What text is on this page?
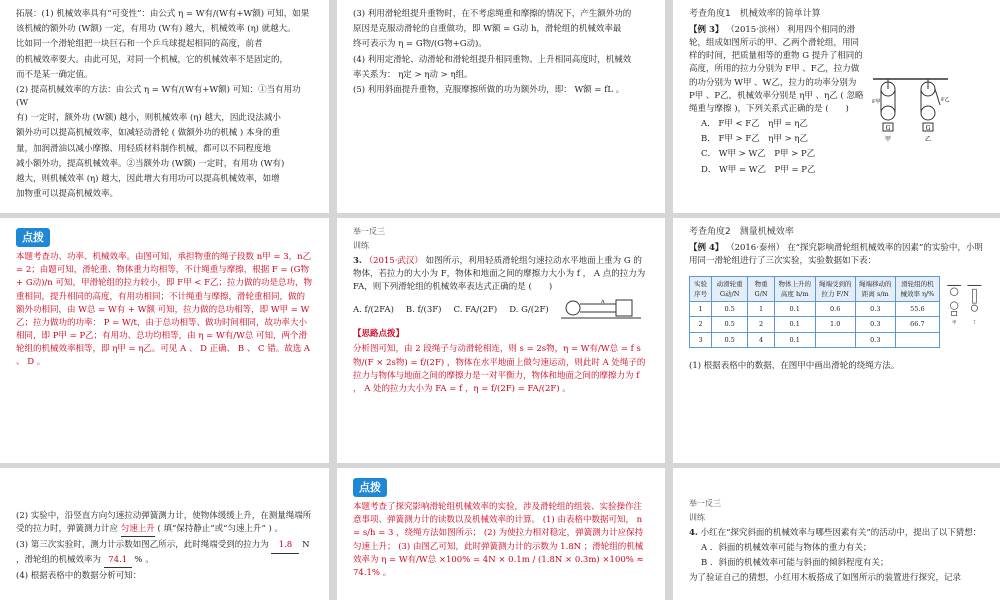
拓展：(1) 机械效率具有“可变性”：由公式 η = W有/(W有+W额) 可知，如果

该机械的额外功 (W额) 一定，有用功 (W有) 越大，机械效率 (η) 就越大。

比如同一个滑轮组把一块巨石和一个乒乓球提起相同的高度，前者

的机械效率要大。由此可见，对同一个机械，它的机械效率不是固定的，

而不是某一确定值。

(2) 提高机械效率的方法：由公式 η = W有/(W有+W额) 可知：①当有用功 (W

有) 一定时，额外功 (W额) 越小，则机械效率 (η) 越大，因此设法减小

额外功可以提高机械效率，如减轻动滑轮 ( 做额外功的机械 ) 本身的重

量，加润滑油以减小摩擦、用轻质材料制作机械，都可以不同程度地

减小额外功，提高机械效率。②当额外功 (W额) 一定时，有用功 (W有)

越大，则机械效率 (η) 越大，因此增大有用功可以提高机械效率，如增

加物重可以提高机械效率。

(3) 利用滑轮组提升重物时，在不考虑绳重和摩擦的情况下，产生额外功的

原因是克服动滑轮的自重做功，即 W额 = G动 h，滑轮组的机械效率最

终可表示为 η = G物/(G物+G动)。

(4) 利用定滑轮、动滑轮和滑轮组提升相同重物、上升相同高度时，机械效

率关系为： η定 > η动 > η组。

(5) 利用斜面提升重物，克服摩擦所做的功为额外功，即： W额 = fL 。

考查角度1　机械效率的简单计算

【例 3】 （2015·滨州） 利用四个相同的滑轮，组成如图所示的甲、乙两个滑轮组，用同样的时间，把质量相等的重物 G 提升了相同的高度，所用的拉力分别为 F甲 、F乙，拉力做的功分别为 W甲 、W乙，拉力的功率分别为 P甲 、P乙，机械效率分别是 η甲 、η乙 ( 忽略绳重与摩擦 )，下列关系式正确的是 (　　)

A． F甲 < F乙　η甲 = η乙

B． F甲 > F乙　η甲 > η乙

C． W甲 > W乙　P甲 > P乙

D． W甲 = W乙　P甲 = P乙

G
甲
G
乙
F甲	F乙
点拨

本题考查功、功率、机械效率。由图可知，承担物重的绳子段数 n甲 = 3，n乙 = 2；由题可知，滑轮重、物体重力均相等，不计绳重与摩擦，根据 F = (G物 + G动)/n 可知，甲滑轮组的拉力较小，即 F甲 < F乙；拉力做的功是总功，物重相同，提升相同的高度，有用功相同；不计绳重与摩擦，滑轮重相同，做的额外功相同，由 W总 = W有 + W额 可知，拉力做的总功相等，即 W甲 = W乙；拉力做功的功率： P = W/t，由于总功相等、做功时间相同，故功率大小相同，即 P甲 = P乙；有用功、总功均相等，由 η = W有/W总 可知，两个滑轮组的机械效率相等，即 η甲 = η乙。可见 A 、 D 正确、 B 、 C 错。故选 A 、 D 。

举一反三

训练

3. （2015·武汉） 如图所示，利用轻质滑轮组匀速拉动水平地面上重为 G 的物体，若拉力的大小为 F，物体和地面之间的摩擦力大小为 f ， A 点的拉力为 FA，则下列滑轮组的机械效率表达式正确的是 (　　)

A. f/(2FA) B. f/(3F) C. FA/(2F) D. G/(2F)
A

【思路点拨】

分析图可知，由 2 段绳子与动滑轮相连，则 s = 2s物，η = W有/W总 = f s物/(F × 2s物) = f/(2F) ，物体在水平地面上做匀速运动，则此时 A 处绳子的拉力与物体与地面之间的摩擦力是一对平衡力，物体和地面之间的摩擦力为 f ， A 处的拉力大小为 FA = f ，η = f/(2F) = FA/(2F) 。

考查角度2　测量机械效率

【例 4】 （2016·泰州） 在“探究影响滑轮组机械效率的因素”的实验中，小明用同一滑轮组进行了三次实验，实验数据如下表：

实验序号	动滑轮重 G动/N	物重 G/N	物体上升的高度 h/m	绳端受到的拉力 F/N	绳端移动的距离 s/m	滑轮组的机械效率 η/%
1	0.5	1	0.1	0.6	0.3	55.6
2	0.5	2	0.1	1.0	0.3	66.7
3	0.5	4	0.1		0.3	
甲	丁

(1) 根据表格中的数据，在图甲中画出滑轮的绕绳方法。

(2) 实验中，沿竖直方向匀速拉动弹簧测力计，使物体缓缓上升，在测量绳端所受的拉力时，弹簧测力计应 匀速上升 ( 填“保持静止”或“匀速上升” ) 。

(3) 第三次实验时，测力计示数如图乙所示，此时绳端受到的拉力为 1.8 N ，滑轮组的机械效率为 74.1 % 。

(4) 根据表格中的数据分析可知：

点拨

本题考查了探究影响滑轮组机械效率的实验，涉及滑轮组的组装、实验操作注意事项、弹簧测力计的读数以及机械效率的计算。 (1) 由表格中数据可知， n = s/h = 3 ，绕绳方法如图所示； (2) 为使拉力相对稳定，弹簧测力计应保持匀速上升； (3) 由图乙可知，此时弹簧测力计的示数为 1.8N ；滑轮组的机械效率为 η = W有/W总 ×100% = 4N × 0.1m / (1.8N × 0.3m) ×100% ≈ 74.1% 。

举一反三

训练

4. 小红在“探究斜面的机械效率与哪些因素有关”的活动中，提出了以下猜想：

A ．斜面的机械效率可能与物体的重力有关；

B ．斜面的机械效率可能与斜面的倾斜程度有关；

为了验证自己的猜想，小红用木板搭成了如图所示的装置进行探究，记录
